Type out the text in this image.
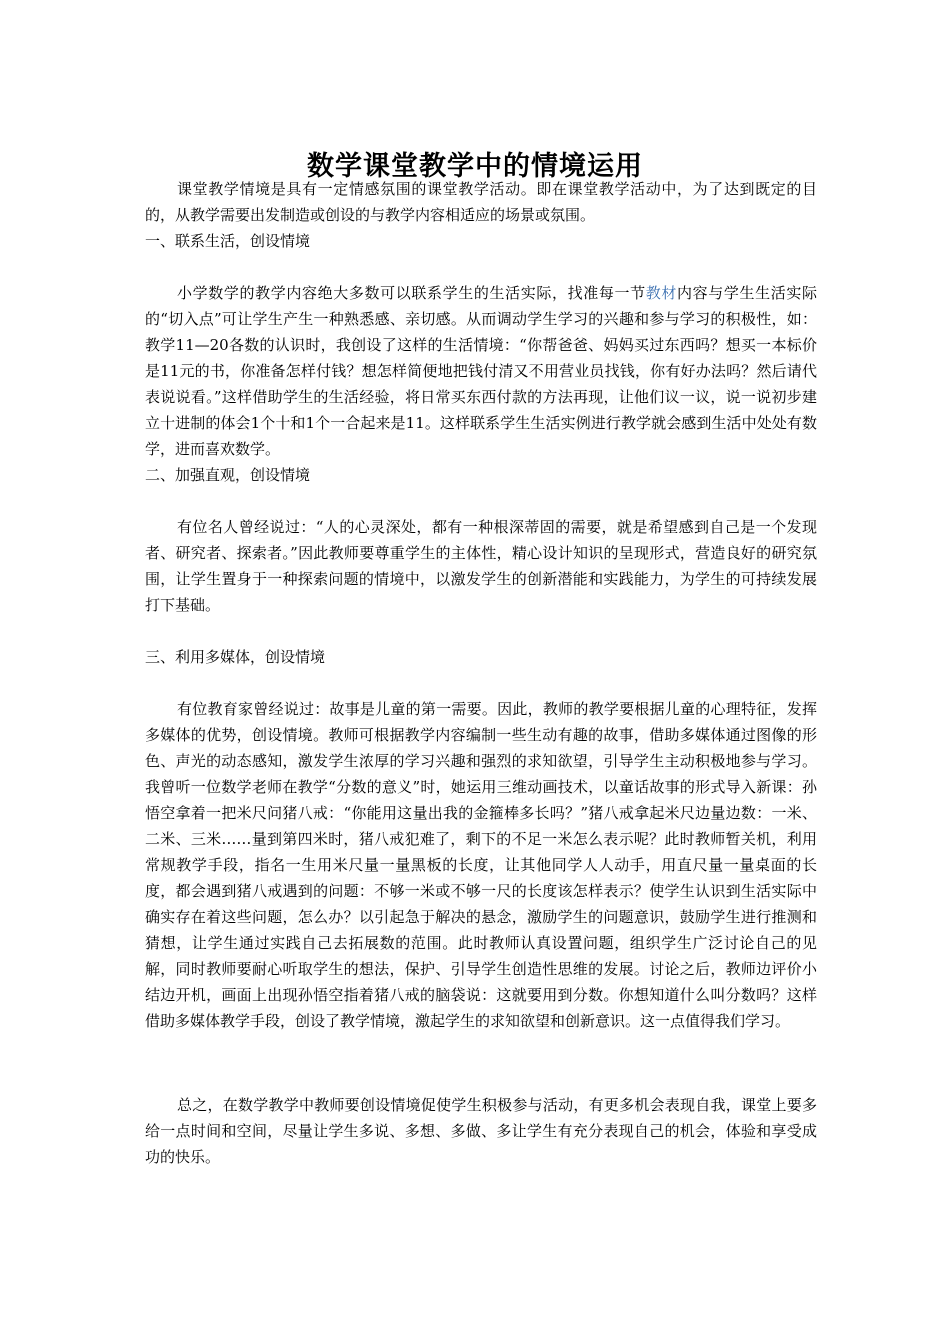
数学课堂教学中的情境运用

课堂教学情境是具有一定情感氛围的课堂教学活动。即在课堂教学活动中，为了达到既定的目的，从教学需要出发制造或创设的与教学内容相适应的场景或氛围。

一、联系生活，创设情境

小学数学的教学内容绝大多数可以联系学生的生活实际，找准每一节教材内容与学生生活实际的“切入点”可让学生产生一种熟悉感、亲切感。从而调动学生学习的兴趣和参与学习的积极性，如：教学11—20各数的认识时，我创设了这样的生活情境：“你帮爸爸、妈妈买过东西吗？想买一本标价是11元的书，你准备怎样付钱？想怎样简便地把钱付清又不用营业员找钱，你有好办法吗？然后请代表说说看。”这样借助学生的生活经验，将日常买东西付款的方法再现，让他们议一议，说一说初步建立十进制的体会1个十和1个一合起来是11。这样联系学生生活实例进行教学就会感到生活中处处有数学，进而喜欢数学。

二、加强直观，创设情境

有位名人曾经说过：“人的心灵深处，都有一种根深蒂固的需要，就是希望感到自己是一个发现者、研究者、探索者。”因此教师要尊重学生的主体性，精心设计知识的呈现形式，营造良好的研究氛围，让学生置身于一种探索问题的情境中，以激发学生的创新潜能和实践能力，为学生的可持续发展打下基础。

三、利用多媒体，创设情境

有位教育家曾经说过：故事是儿童的第一需要。因此，教师的教学要根据儿童的心理特征，发挥多媒体的优势，创设情境。教师可根据教学内容编制一些生动有趣的故事，借助多媒体通过图像的形色、声光的动态感知，激发学生浓厚的学习兴趣和强烈的求知欲望，引导学生主动积极地参与学习。我曾听一位数学老师在教学“分数的意义”时，她运用三维动画技术，以童话故事的形式导入新课：孙悟空拿着一把米尺问猪八戒：“你能用这量出我的金箍棒多长吗？”猪八戒拿起米尺边量边数：一米、二米、三米……量到第四米时，猪八戒犯难了，剩下的不足一米怎么表示呢？此时教师暂关机，利用常规教学手段，指名一生用米尺量一量黑板的长度，让其他同学人人动手，用直尺量一量桌面的长度，都会遇到猪八戒遇到的问题：不够一米或不够一尺的长度该怎样表示？使学生认识到生活实际中确实存在着这些问题，怎么办？以引起急于解决的悬念，激励学生的问题意识，鼓励学生进行推测和猜想，让学生通过实践自己去拓展数的范围。此时教师认真设置问题，组织学生广泛讨论自己的见解，同时教师要耐心听取学生的想法，保护、引导学生创造性思维的发展。讨论之后，教师边评价小结边开机，画面上出现孙悟空指着猪八戒的脑袋说：这就要用到分数。你想知道什么叫分数吗？这样借助多媒体教学手段，创设了教学情境，激起学生的求知欲望和创新意识。这一点值得我们学习。

总之，在数学教学中教师要创设情境促使学生积极参与活动，有更多机会表现自我，课堂上要多给一点时间和空间，尽量让学生多说、多想、多做、多让学生有充分表现自己的机会，体验和享受成功的快乐。
